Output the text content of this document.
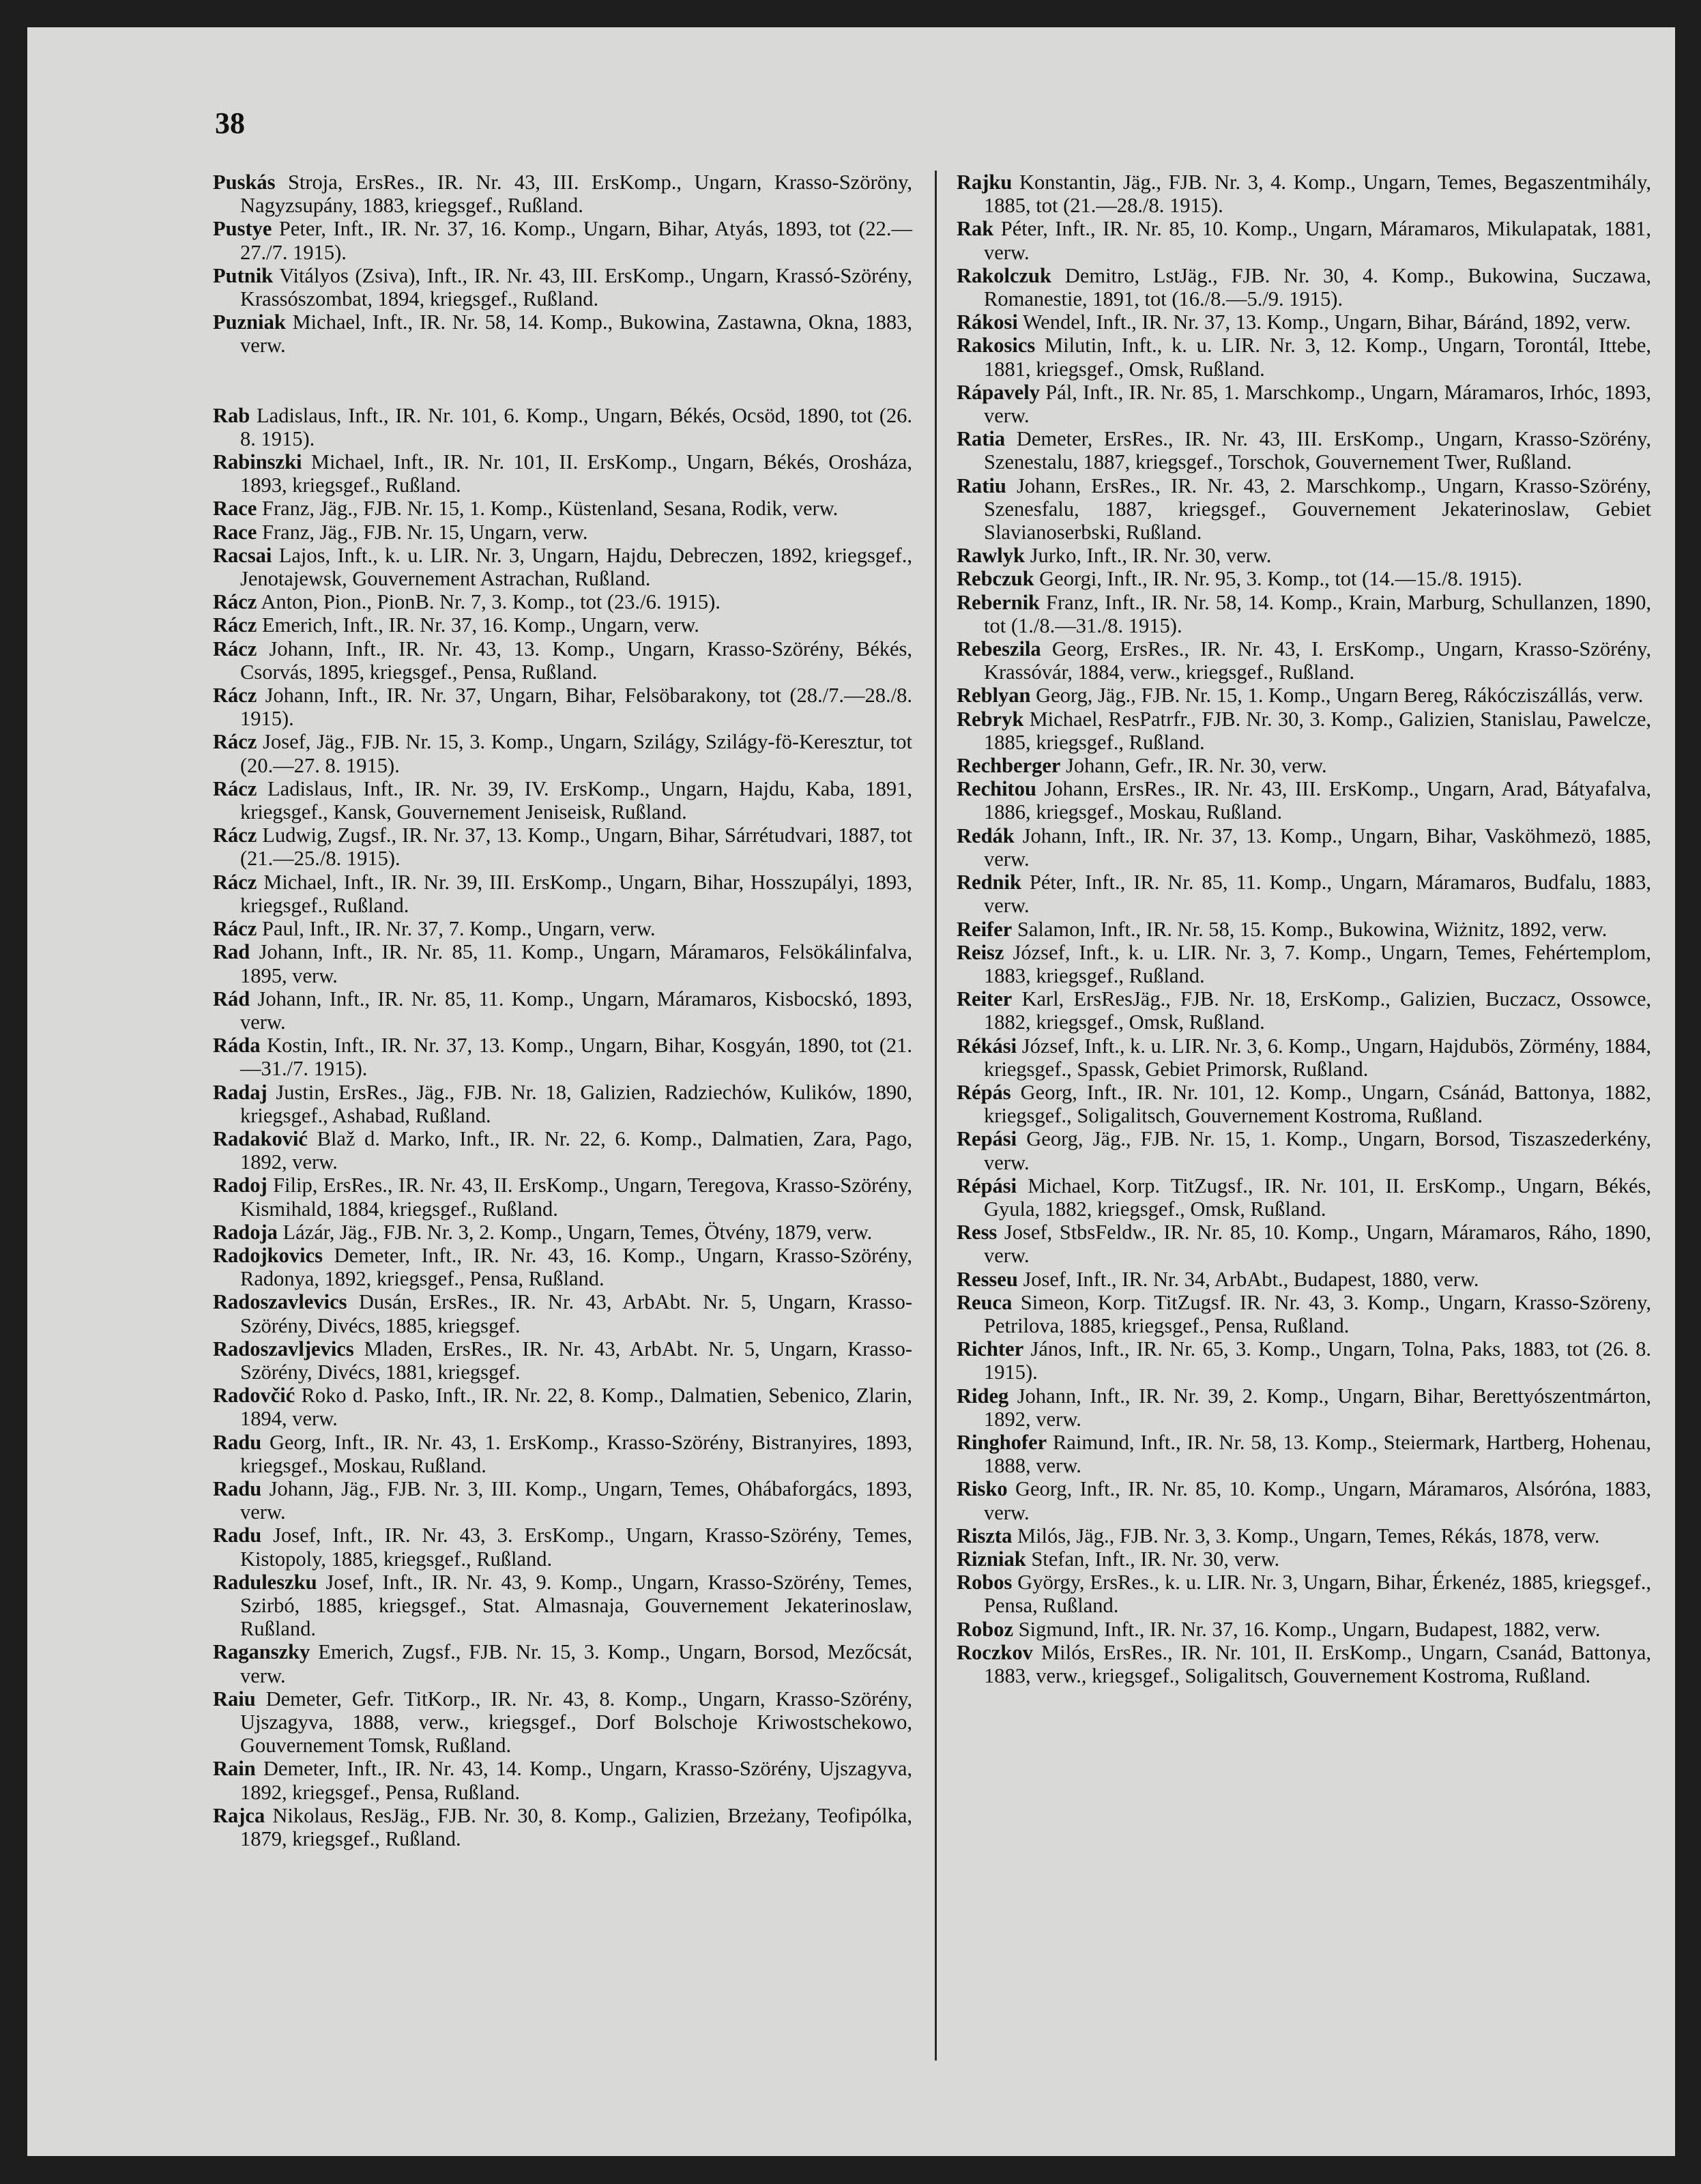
38

Puskás Stroja, ErsRes., IR. Nr. 43, III. ErsKomp., Ungarn, Krasso-Szöröny, Nagyzsupány, 1883, kriegsgef., Rußland.

Pustye Peter, Inft., IR. Nr. 37, 16. Komp., Ungarn, Bihar, Atyás, 1893, tot (22.—27./7. 1915).

Putnik Vitályos (Zsiva), Inft., IR. Nr. 43, III. ErsKomp., Ungarn, Krassó-Szörény, Krassószombat, 1894, kriegsgef., Rußland.

Puzniak Michael, Inft., IR. Nr. 58, 14. Komp., Bukowina, Zastawna, Okna, 1883, verw.

Rab Ladislaus, Inft., IR. Nr. 101, 6. Komp., Ungarn, Békés, Ocsöd, 1890, tot (26. 8. 1915).

Rabinszki Michael, Inft., IR. Nr. 101, II. ErsKomp., Ungarn, Békés, Orosháza, 1893, kriegsgef., Rußland.

Race Franz, Jäg., FJB. Nr. 15, 1. Komp., Küstenland, Sesana, Rodik, verw.

Race Franz, Jäg., FJB. Nr. 15, Ungarn, verw.

Racsai Lajos, Inft., k. u. LIR. Nr. 3, Ungarn, Hajdu, Debreczen, 1892, kriegsgef., Jenotajewsk, Gouvernement Astrachan, Rußland.

Rácz Anton, Pion., PionB. Nr. 7, 3. Komp., tot (23./6. 1915).

Rácz Emerich, Inft., IR. Nr. 37, 16. Komp., Ungarn, verw.

Rácz Johann, Inft., IR. Nr. 43, 13. Komp., Ungarn, Krasso-Szörény, Békés, Csorvás, 1895, kriegsgef., Pensa, Rußland.

Rácz Johann, Inft., IR. Nr. 37, Ungarn, Bihar, Felsöbarakony, tot (28./7.—28./8. 1915).

Rácz Josef, Jäg., FJB. Nr. 15, 3. Komp., Ungarn, Szilágy, Szilágy-fö-Keresztur, tot (20.—27. 8. 1915).

Rácz Ladislaus, Inft., IR. Nr. 39, IV. ErsKomp., Ungarn, Hajdu, Kaba, 1891, kriegsgef., Kansk, Gouvernement Jeniseisk, Rußland.

Rácz Ludwig, Zugsf., IR. Nr. 37, 13. Komp., Ungarn, Bihar, Sárrétudvari, 1887, tot (21.—25./8. 1915).

Rácz Michael, Inft., IR. Nr. 39, III. ErsKomp., Ungarn, Bihar, Hosszupályi, 1893, kriegsgef., Rußland.

Rácz Paul, Inft., IR. Nr. 37, 7. Komp., Ungarn, verw.

Rad Johann, Inft., IR. Nr. 85, 11. Komp., Ungarn, Máramaros, Felsökálinfalva, 1895, verw.

Rád Johann, Inft., IR. Nr. 85, 11. Komp., Ungarn, Máramaros, Kisbocskó, 1893, verw.

Ráda Kostin, Inft., IR. Nr. 37, 13. Komp., Ungarn, Bihar, Kosgyán, 1890, tot (21.—31./7. 1915).

Radaj Justin, ErsRes., Jäg., FJB. Nr. 18, Galizien, Radziechów, Kulików, 1890, kriegsgef., Ashabad, Rußland.

Radaković Blaž d. Marko, Inft., IR. Nr. 22, 6. Komp., Dalmatien, Zara, Pago, 1892, verw.

Radoj Filip, ErsRes., IR. Nr. 43, II. ErsKomp., Ungarn, Teregova, Krasso-Szörény, Kismihald, 1884, kriegsgef., Rußland.

Radoja Lázár, Jäg., FJB. Nr. 3, 2. Komp., Ungarn, Temes, Ötvény, 1879, verw.

Radojkovics Demeter, Inft., IR. Nr. 43, 16. Komp., Ungarn, Krasso-Szörény, Radonya, 1892, kriegsgef., Pensa, Rußland.

Radoszavlevics Dusán, ErsRes., IR. Nr. 43, ArbAbt. Nr. 5, Ungarn, Krasso-Szörény, Divécs, 1885, kriegsgef.

Radoszavljevics Mladen, ErsRes., IR. Nr. 43, ArbAbt. Nr. 5, Ungarn, Krasso-Szörény, Divécs, 1881, kriegsgef.

Radovčić Roko d. Pasko, Inft., IR. Nr. 22, 8. Komp., Dalmatien, Sebenico, Zlarin, 1894, verw.

Radu Georg, Inft., IR. Nr. 43, 1. ErsKomp., Krasso-Szörény, Bistranyires, 1893, kriegsgef., Moskau, Rußland.

Radu Johann, Jäg., FJB. Nr. 3, III. Komp., Ungarn, Temes, Ohábaforgács, 1893, verw.

Radu Josef, Inft., IR. Nr. 43, 3. ErsKomp., Ungarn, Krasso-Szörény, Temes, Kistopoly, 1885, kriegsgef., Rußland.

Raduleszku Josef, Inft., IR. Nr. 43, 9. Komp., Ungarn, Krasso-Szörény, Temes, Szirbó, 1885, kriegsgef., Stat. Almasnaja, Gouvernement Jekaterinoslaw, Rußland.

Raganszky Emerich, Zugsf., FJB. Nr. 15, 3. Komp., Ungarn, Borsod, Mezőcsát, verw.

Raiu Demeter, Gefr. TitKorp., IR. Nr. 43, 8. Komp., Ungarn, Krasso-Szörény, Ujszagyva, 1888, verw., kriegsgef., Dorf Bolschoje Kriwostschekowo, Gouvernement Tomsk, Rußland.

Rain Demeter, Inft., IR. Nr. 43, 14. Komp., Ungarn, Krasso-Szörény, Ujszagyva, 1892, kriegsgef., Pensa, Rußland.

Rajca Nikolaus, ResJäg., FJB. Nr. 30, 8. Komp., Galizien, Brzeżany, Teofipólka, 1879, kriegsgef., Rußland.

Rajku Konstantin, Jäg., FJB. Nr. 3, 4. Komp., Ungarn, Temes, Begaszentmihály, 1885, tot (21.—28./8. 1915).

Rak Péter, Inft., IR. Nr. 85, 10. Komp., Ungarn, Máramaros, Mikulapatak, 1881, verw.

Rakolczuk Demitro, LstJäg., FJB. Nr. 30, 4. Komp., Bukowina, Suczawa, Romanestie, 1891, tot (16./8.—5./9. 1915).

Rákosi Wendel, Inft., IR. Nr. 37, 13. Komp., Ungarn, Bihar, Báránd, 1892, verw.

Rakosics Milutin, Inft., k. u. LIR. Nr. 3, 12. Komp., Ungarn, Torontál, Ittebe, 1881, kriegsgef., Omsk, Rußland.

Rápavely Pál, Inft., IR. Nr. 85, 1. Marschkomp., Ungarn, Máramaros, Irhóc, 1893, verw.

Ratia Demeter, ErsRes., IR. Nr. 43, III. ErsKomp., Ungarn, Krasso-Szörény, Szenestalu, 1887, kriegsgef., Torschok, Gouvernement Twer, Rußland.

Ratiu Johann, ErsRes., IR. Nr. 43, 2. Marschkomp., Ungarn, Krasso-Szörény, Szenesfalu, 1887, kriegsgef., Gouvernement Jekaterinoslaw, Gebiet Slavianoserbski, Rußland.

Rawlyk Jurko, Inft., IR. Nr. 30, verw.

Rebczuk Georgi, Inft., IR. Nr. 95, 3. Komp., tot (14.—15./8. 1915).

Rebernik Franz, Inft., IR. Nr. 58, 14. Komp., Krain, Marburg, Schullanzen, 1890, tot (1./8.—31./8. 1915).

Rebeszila Georg, ErsRes., IR. Nr. 43, I. ErsKomp., Ungarn, Krasso-Szörény, Krassóvár, 1884, verw., kriegsgef., Rußland.

Reblyan Georg, Jäg., FJB. Nr. 15, 1. Komp., Ungarn Bereg, Rákócziszállás, verw.

Rebryk Michael, ResPatrfr., FJB. Nr. 30, 3. Komp., Galizien, Stanislau, Pawelcze, 1885, kriegsgef., Rußland.

Rechberger Johann, Gefr., IR. Nr. 30, verw.

Rechitou Johann, ErsRes., IR. Nr. 43, III. ErsKomp., Ungarn, Arad, Bátyafalva, 1886, kriegsgef., Moskau, Rußland.

Redák Johann, Inft., IR. Nr. 37, 13. Komp., Ungarn, Bihar, Vasköhmezö, 1885, verw.

Rednik Péter, Inft., IR. Nr. 85, 11. Komp., Ungarn, Máramaros, Budfalu, 1883, verw.

Reifer Salamon, Inft., IR. Nr. 58, 15. Komp., Bukowina, Wiżnitz, 1892, verw.

Reisz József, Inft., k. u. LIR. Nr. 3, 7. Komp., Ungarn, Temes, Fehértemplom, 1883, kriegsgef., Rußland.

Reiter Karl, ErsResJäg., FJB. Nr. 18, ErsKomp., Galizien, Buczacz, Ossowce, 1882, kriegsgef., Omsk, Rußland.

Rékási József, Inft., k. u. LIR. Nr. 3, 6. Komp., Ungarn, Hajdubös, Zörmény, 1884, kriegsgef., Spassk, Gebiet Primorsk, Rußland.

Répás Georg, Inft., IR. Nr. 101, 12. Komp., Ungarn, Csánád, Battonya, 1882, kriegsgef., Soligalitsch, Gouvernement Kostroma, Rußland.

Repási Georg, Jäg., FJB. Nr. 15, 1. Komp., Ungarn, Borsod, Tiszaszederkény, verw.

Répási Michael, Korp. TitZugsf., IR. Nr. 101, II. ErsKomp., Ungarn, Békés, Gyula, 1882, kriegsgef., Omsk, Rußland.

Ress Josef, StbsFeldw., IR. Nr. 85, 10. Komp., Ungarn, Máramaros, Ráho, 1890, verw.

Resseu Josef, Inft., IR. Nr. 34, ArbAbt., Budapest, 1880, verw.

Reuca Simeon, Korp. TitZugsf. IR. Nr. 43, 3. Komp., Ungarn, Krasso-Szöreny, Petrilova, 1885, kriegsgef., Pensa, Rußland.

Richter János, Inft., IR. Nr. 65, 3. Komp., Ungarn, Tolna, Paks, 1883, tot (26. 8. 1915).

Rideg Johann, Inft., IR. Nr. 39, 2. Komp., Ungarn, Bihar, Berettyószentmárton, 1892, verw.

Ringhofer Raimund, Inft., IR. Nr. 58, 13. Komp., Steiermark, Hartberg, Hohenau, 1888, verw.

Risko Georg, Inft., IR. Nr. 85, 10. Komp., Ungarn, Máramaros, Alsóróna, 1883, verw.

Riszta Milós, Jäg., FJB. Nr. 3, 3. Komp., Ungarn, Temes, Rékás, 1878, verw.

Rizniak Stefan, Inft., IR. Nr. 30, verw.

Robos György, ErsRes., k. u. LIR. Nr. 3, Ungarn, Bihar, Érkenéz, 1885, kriegsgef., Pensa, Rußland.

Roboz Sigmund, Inft., IR. Nr. 37, 16. Komp., Ungarn, Budapest, 1882, verw.

Roczkov Milós, ErsRes., IR. Nr. 101, II. ErsKomp., Ungarn, Csanád, Battonya, 1883, verw., kriegsgef., Soligalitsch, Gouvernement Kostroma, Rußland.
